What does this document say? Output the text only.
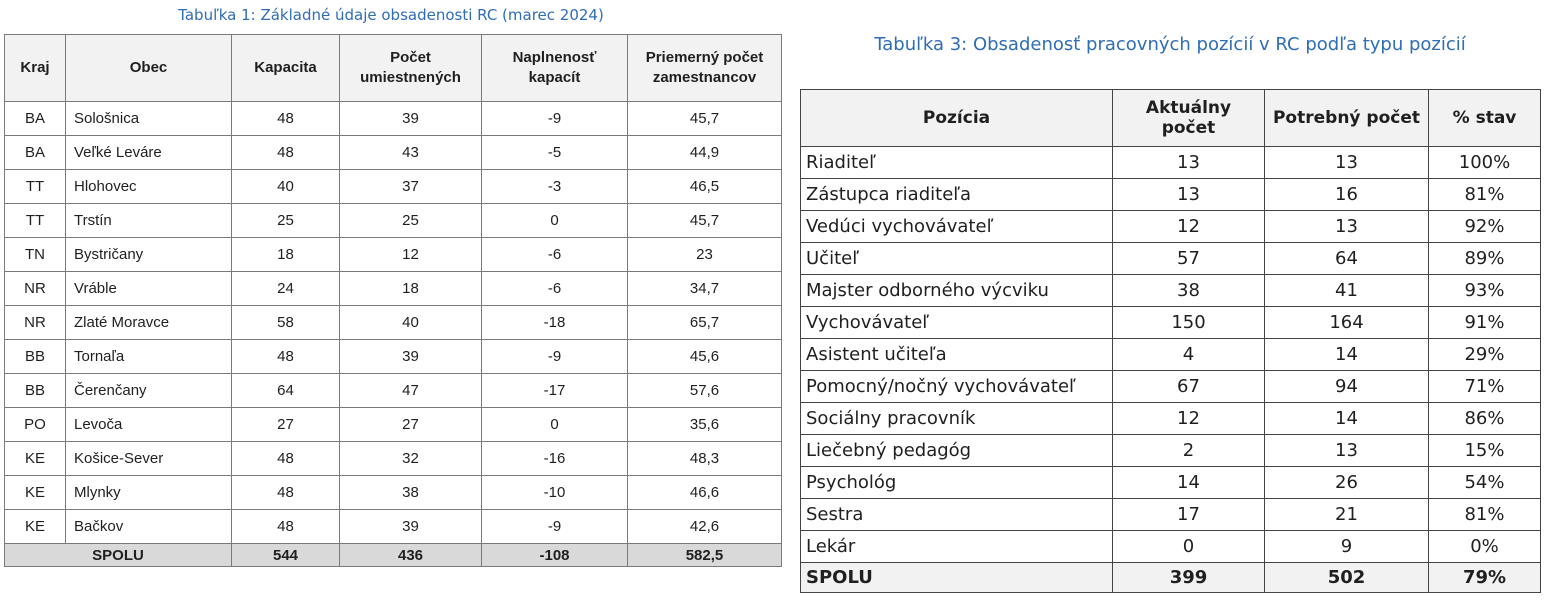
Tabuľka 1: Základné údaje obsadenosti RC (marec 2024)
Kraj	Obec	Kapacita	Počet umiestnených	Naplnenosť kapacít	Priemerný počet zamestnancov
BA	Sološnica	48	39	-9	45,7
BA	Veľké Leváre	48	43	-5	44,9
TT	Hlohovec	40	37	-3	46,5
TT	Trstín	25	25	0	45,7
TN	Bystričany	18	12	-6	23
NR	Vráble	24	18	-6	34,7
NR	Zlaté Moravce	58	40	-18	65,7
BB	Tornaľa	48	39	-9	45,6
BB	Čerenčany	64	47	-17	57,6
PO	Levoča	27	27	0	35,6
KE	Košice-Sever	48	32	-16	48,3
KE	Mlynky	48	38	-10	46,6
KE	Bačkov	48	39	-9	42,6
SPOLU		544	436	-108	582,5
Tabuľka 3: Obsadenosť pracovných pozícií v RC podľa typu pozícií
Pozícia	Aktuálny počet	Potrebný počet	% stav
Riaditeľ	13	13	100%
Zástupca riaditeľa	13	16	81%
Vedúci vychovávateľ	12	13	92%
Učiteľ	57	64	89%
Majster odborného výcviku	38	41	93%
Vychovávateľ	150	164	91%
Asistent učiteľa	4	14	29%
Pomocný/nočný vychovávateľ	67	94	71%
Sociálny pracovník	12	14	86%
Liečebný pedagóg	2	13	15%
Psychológ	14	26	54%
Sestra	17	21	81%
Lekár	0	9	0%
SPOLU	399	502	79%
